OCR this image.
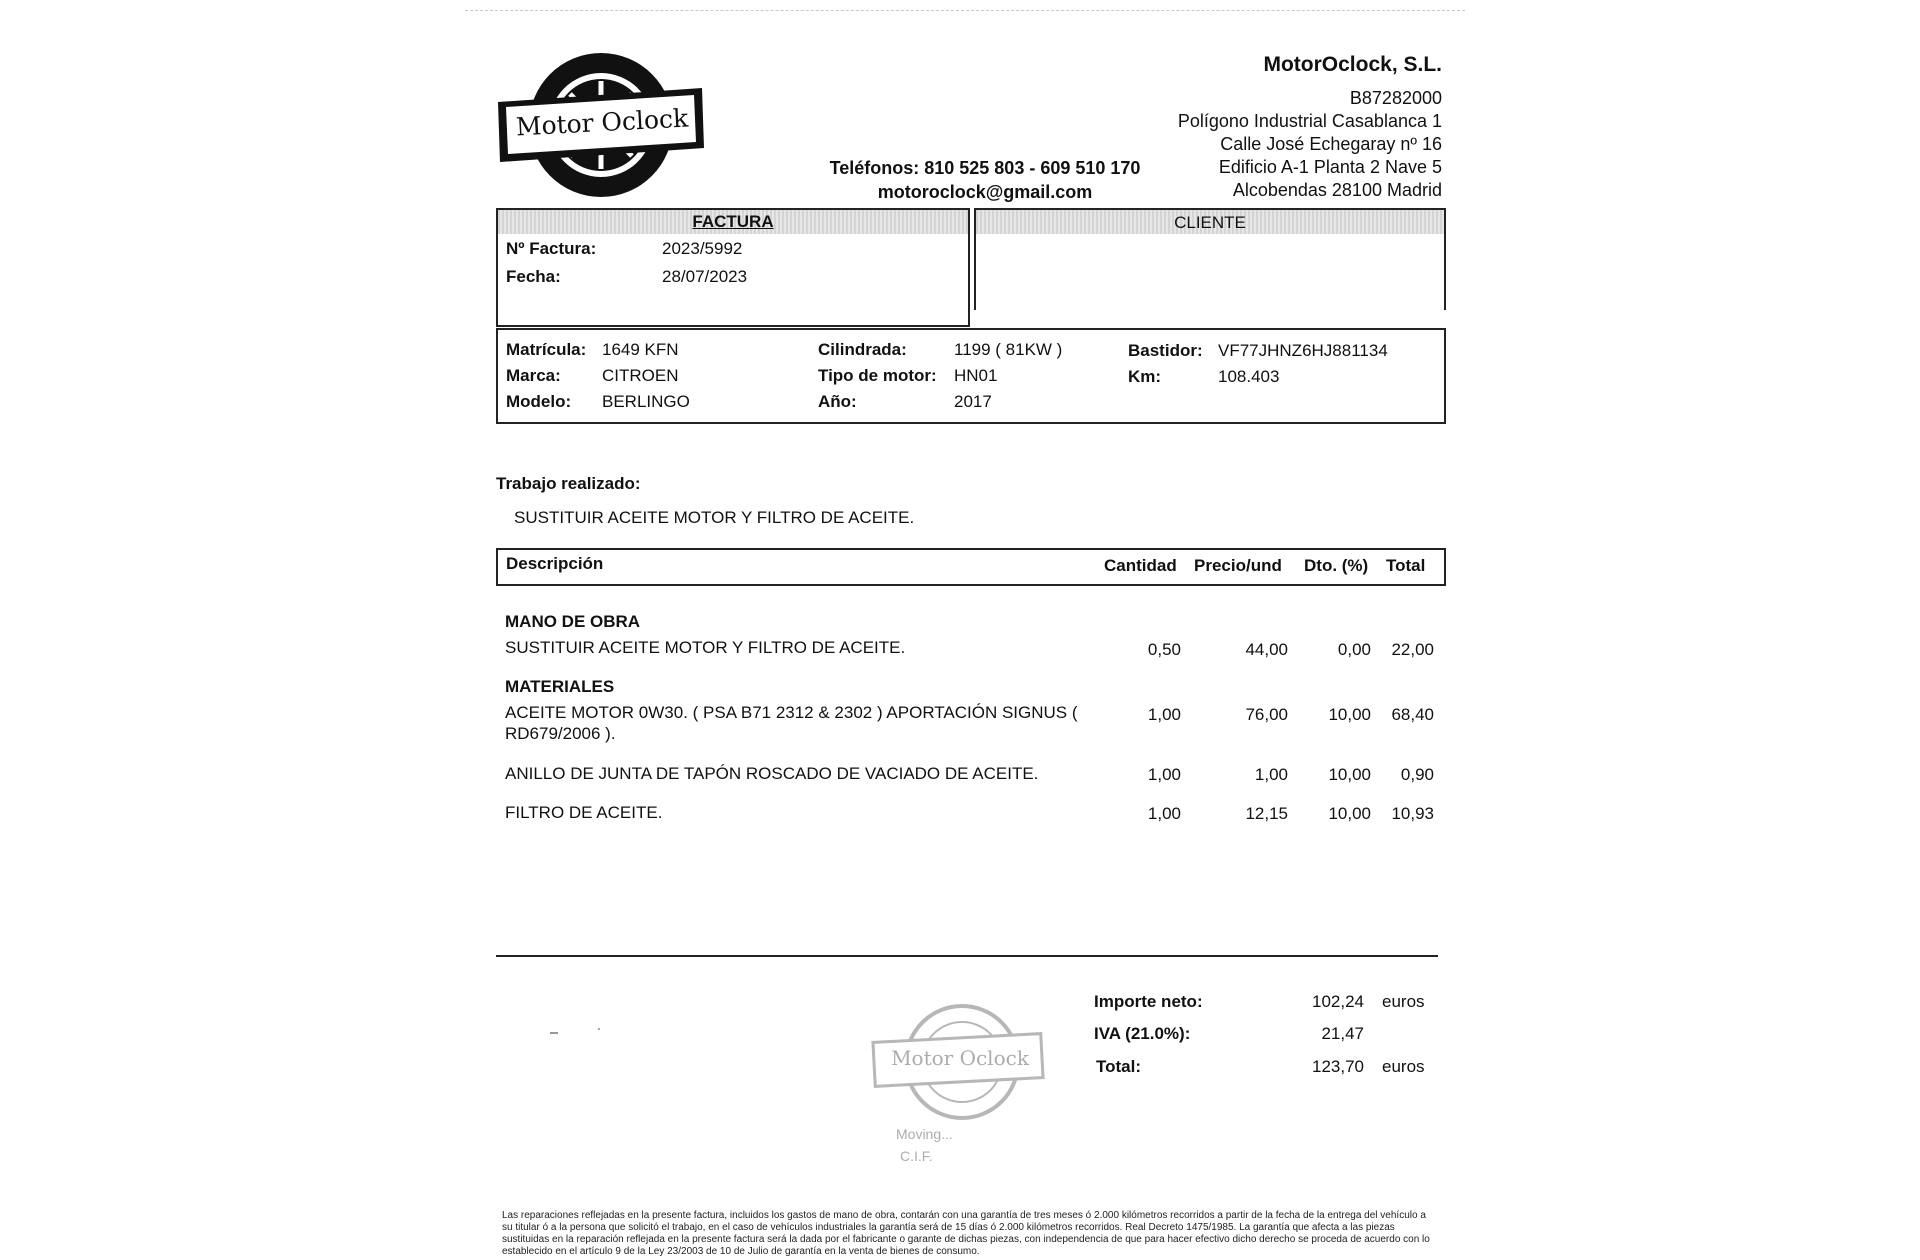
Motor Oclock
MotorOclock, S.L.
B87282000
Polígono Industrial Casablanca 1
Calle José Echegaray nº 16
Edificio A-1 Planta 2 Nave 5
Alcobendas 28100 Madrid
Teléfonos: 810 525 803 - 609 510 170
motoroclock@gmail.com
FACTURA
Nº Factura:	2023/5992
Fecha:	28/07/2023
CLIENTE
Matrícula: 1649 KFN
Marca: CITROEN
Modelo: BERLINGO
Cilindrada:	1199 ( 81KW )
Tipo de motor: HN01
Año:	2017
Bastidor: VF77JHNZ6HJ881134
Km:	108.403
Trabajo realizado:
SUSTITUIR ACEITE MOTOR Y FILTRO DE ACEITE.
Descripción	Cantidad Precio/und Dto. (%) Total
MANO DE OBRA
SUSTITUIR ACEITE MOTOR Y FILTRO DE ACEITE.	0,50	44,00	0,00	22,00
MATERIALES
ACEITE MOTOR 0W30. ( PSA B71 2312 & 2302 ) APORTACIÓN SIGNUS (
RD679/2006 ).
1,00	76,00	10,00	68,40
ANILLO DE JUNTA DE TAPÓN ROSCADO DE VACIADO DE ACEITE.	1,00	1,00	10,00	0,90
FILTRO DE ACEITE.	1,00	12,15	10,00	10,93
Motor Oclock
Moving...
C.I.F.
Importe neto:	102,24 euros
IVA (21.0%):	21,47
Total:	123,70 euros
Las reparaciones reflejadas en la presente factura, incluidos los gastos de mano de obra, contarán con una garantía de tres meses ó 2.000 kilómetros recorridos a partir de la fecha de la entrega del vehículo a su titular ó a la persona que solicitó el trabajo, en el caso de vehículos industriales la garantía será de 15 días ó 2.000 kilómetros recorridos. Real Decreto 1475/1985. La garantía que afecta a las piezas sustituidas en la reparación reflejada en la presente factura será la dada por el fabricante o garante de dichas piezas, con independencia de que para hacer efectivo dicho derecho se proceda de acuerdo con lo establecido en el artículo 9 de la Ley 23/2003 de 10 de Julio de garantía en la venta de bienes de consumo.
